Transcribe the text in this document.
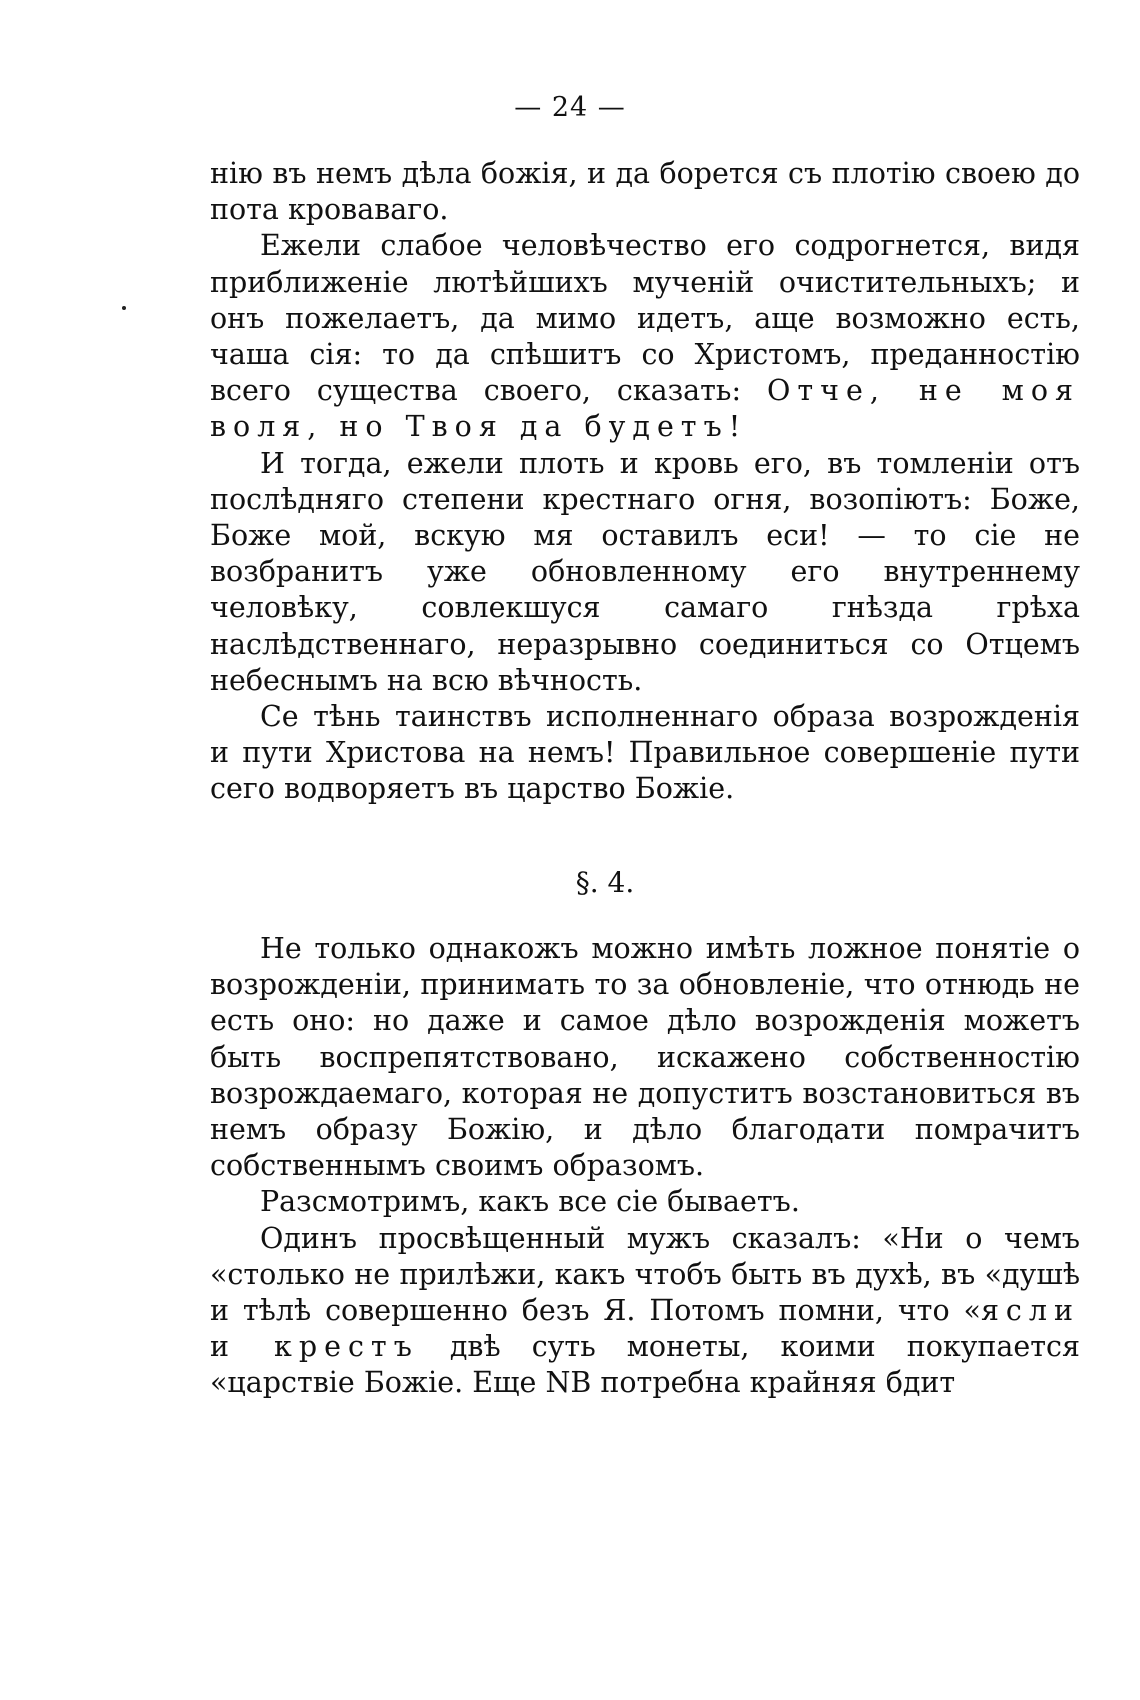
— 24 —

нію въ немъ дѣла божія, и да борется съ плотію своею до пота кроваваго.

Ежели слабое человѣчество его содрогнется, видя приближеніе лютѣйшихъ мученій очистительныхъ; и онъ пожелаетъ, да мимо идетъ, аще возможно есть, чаша сія: то да спѣшитъ со Христомъ, преданностію всего существа своего, сказать: Отче, не моя воля, но Твоя да будетъ!

И тогда, ежели плоть и кровь его, въ томленіи отъ послѣдняго степени крестнаго огня, возопіютъ: Боже, Боже мой, вскую мя оставилъ еси! — то сіе не возбранитъ уже обновленному его внутреннему человѣку, совлекшуся самаго гнѣзда грѣха наслѣдственнаго, неразрывно соединиться со Отцемъ небеснымъ на всю вѣчность.

Се тѣнь таинствъ исполненнаго образа возрожденія и пути Христова на немъ! Правильное совершеніе пути сего водворяетъ въ царство Божіе.

§. 4.

Не только однакожъ можно имѣть ложное понятіе о возрожденіи, принимать то за обновленіе, что отнюдь не есть оно: но даже и самое дѣло возрожденія можетъ быть воспрепятствовано, искажено собственностію возрождаемаго, которая не допуститъ возстановиться въ немъ образу Божію, и дѣло благодати помрачитъ собственнымъ своимъ образомъ.

Разсмотримъ, какъ все сіе бываетъ.

Одинъ просвѣщенный мужъ сказалъ: «Ни о чемъ «столько не прилѣжи, какъ чтобъ быть въ духѣ, въ «душѣ и тѣлѣ совершенно безъ Я. Потомъ помни, что «ясли и крестъ двѣ суть монеты, коими покупается «царствіе Божіе. Еще NB потребна крайняя бдит
